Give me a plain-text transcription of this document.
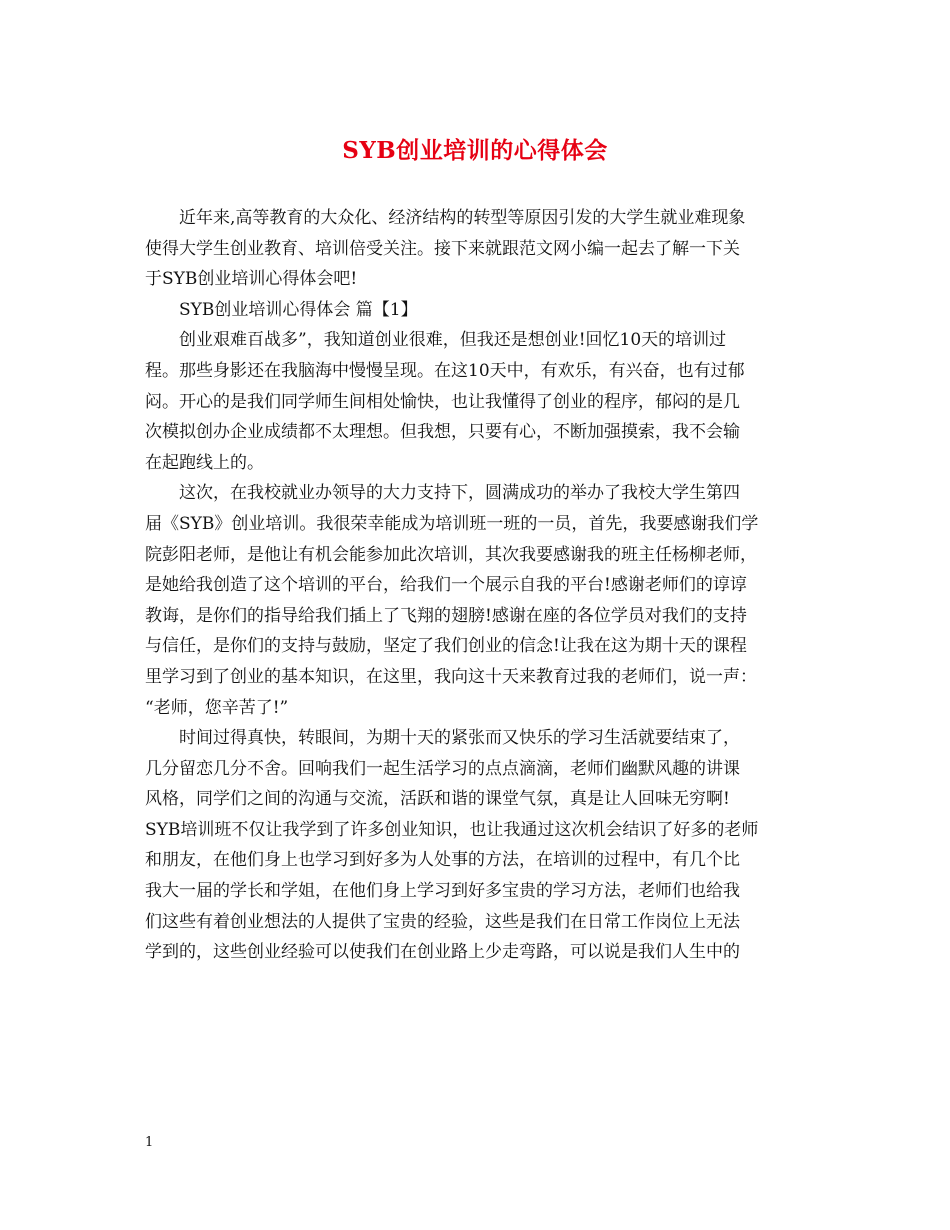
SYB创业培训的心得体会
近年来,高等教育的大众化、经济结构的转型等原因引发的大学生就业难现象
使得大学生创业教育、培训倍受关注。接下来就跟范文网小编一起去了解一下关
于SYB创业培训心得体会吧!
SYB创业培训心得体会 篇【1】
创业艰难百战多”，我知道创业很难，但我还是想创业!回忆10天的培训过
程。那些身影还在我脑海中慢慢呈现。在这10天中，有欢乐，有兴奋，也有过郁
闷。开心的是我们同学师生间相处愉快，也让我懂得了创业的程序，郁闷的是几
次模拟创办企业成绩都不太理想。但我想，只要有心，不断加强摸索，我不会输
在起跑线上的。
这次，在我校就业办领导的大力支持下，圆满成功的举办了我校大学生第四
届《SYB》创业培训。我很荣幸能成为培训班一班的一员，首先，我要感谢我们学
院彭阳老师，是他让有机会能参加此次培训，其次我要感谢我的班主任杨柳老师，
是她给我创造了这个培训的平台，给我们一个展示自我的平台!感谢老师们的谆谆
教诲，是你们的指导给我们插上了飞翔的翅膀!感谢在座的各位学员对我们的支持
与信任，是你们的支持与鼓励，坚定了我们创业的信念!让我在这为期十天的课程
里学习到了创业的基本知识，在这里，我向这十天来教育过我的老师们，说一声：
“老师，您辛苦了!”
时间过得真快，转眼间，为期十天的紧张而又快乐的学习生活就要结束了，
几分留恋几分不舍。回响我们一起生活学习的点点滴滴，老师们幽默风趣的讲课
风格，同学们之间的沟通与交流，活跃和谐的课堂气氛，真是让人回味无穷啊!
SYB培训班不仅让我学到了许多创业知识，也让我通过这次机会结识了好多的老师
和朋友，在他们身上也学习到好多为人处事的方法，在培训的过程中，有几个比
我大一届的学长和学姐，在他们身上学习到好多宝贵的学习方法，老师们也给我
们这些有着创业想法的人提供了宝贵的经验，这些是我们在日常工作岗位上无法
学到的，这些创业经验可以使我们在创业路上少走弯路，可以说是我们人生中的
1
